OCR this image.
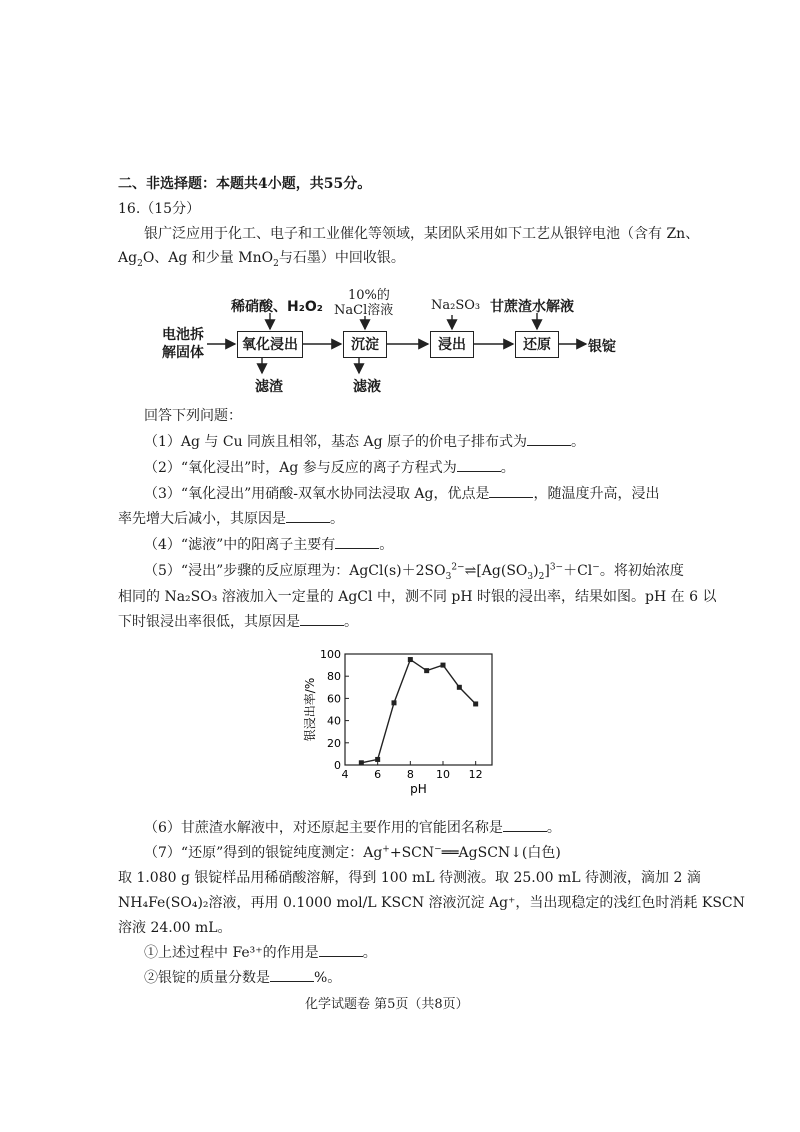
二、非选择题：本题共4小题，共55分。
16.（15分）
银广泛应用于化工、电子和工业催化等领域，某团队采用如下工艺从银锌电池（含有 Zn、
$Ag_2O$、Ag 和少量 MnO$_2$与石墨）中回收银。
稀硝酸、H₂O₂
10%的
NaCl溶液	Na₂SO₃ 甘蔗渣水解液
电池拆
解固体	氧化浸出	沉淀	浸出	还原	银锭
滤渣	滤液
回答下列问题：
（1）Ag 与 Cu 同族且相邻，基态 Ag 原子的价电子排布式为	。
（2）“氧化浸出”时，Ag 参与反应的离子方程式为	。
（3）“氧化浸出”用硝酸-双氧水协同法浸取 Ag，优点是	，随温度升高，浸出
率先增大后减小，其原因是	。
（4）“滤液”中的阳离子主要有	。
（5）“浸出”步骤的反应原理为：$AgCl(s)+2SO_3^{2-}\rightleftharpoons[Ag(SO_3)_2]^{3-}+Cl^-$。将初始浓度
相同的 Na₂SO₃ 溶液加入一定量的 AgCl 中，测不同 pH 时银的浸出率，结果如图。pH 在 6 以
下时银浸出率很低，其原因是	。
银浸出率/%
pH
0
20
40
60
80
100
4 6 8 10 12
（6）甘蔗渣水解液中，对还原起主要作用的官能团名称是	。
（7）“还原”得到的银锭纯度测定：Ag++SCN−══AgSCN↓(白色)
取 1.080 g 银锭样品用稀硝酸溶解，得到 100 mL 待测液。取 25.00 mL 待测液，滴加 2 滴
NH₄Fe(SO₄)₂溶液，再用 0.1000 mol/L KSCN 溶液沉淀 Ag⁺，当出现稳定的浅红色时消耗 KSCN
溶液 24.00 mL。
①上述过程中 Fe³⁺的作用是	。
②银锭的质量分数是	%。
化学试题卷 第5页（共8页）
